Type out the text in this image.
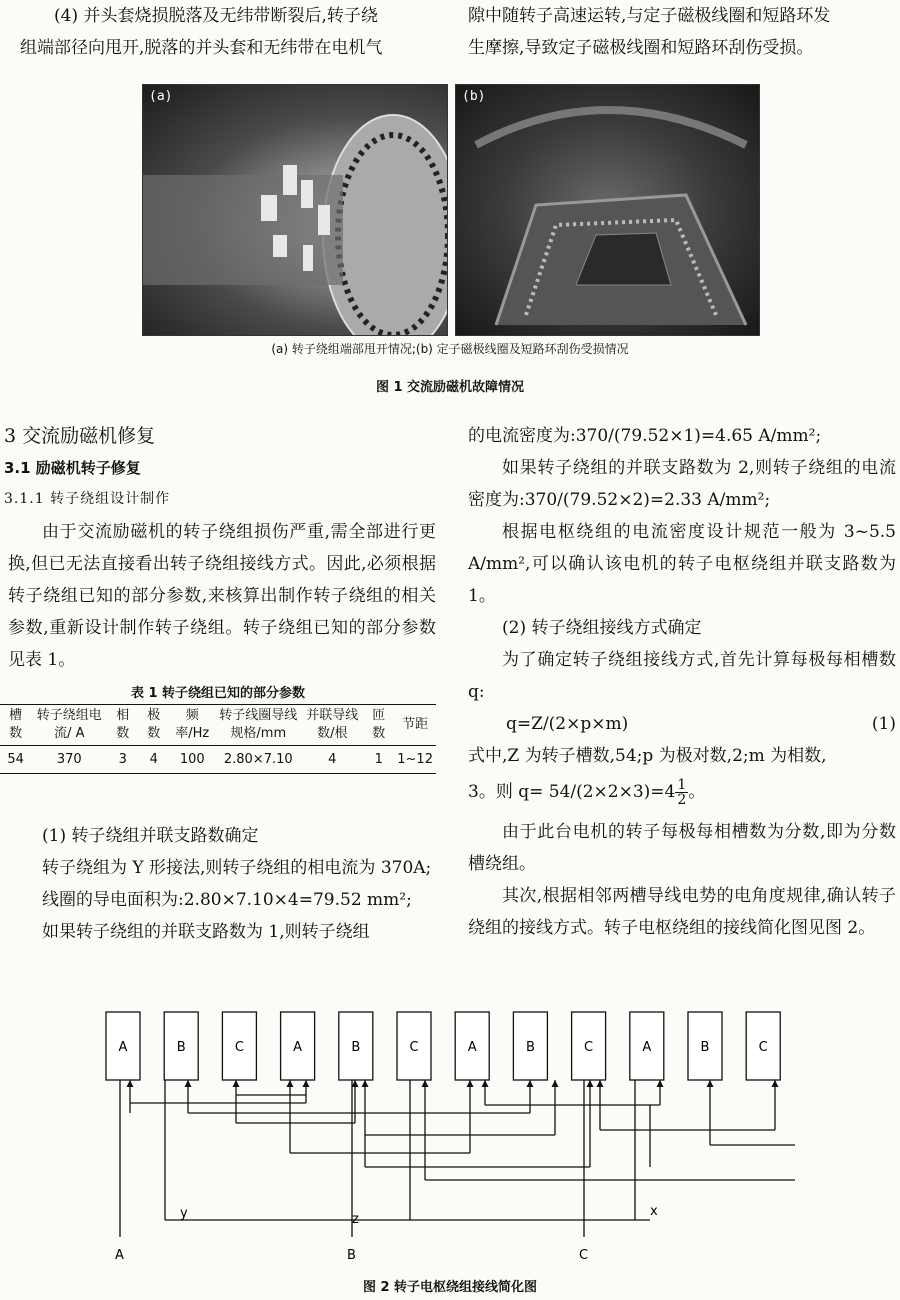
(4) 并头套烧损脱落及无纬带断裂后,转子绕

组端部径向甩开,脱落的并头套和无纬带在电机气

隙中随转子高速运转,与定子磁极线圈和短路环发

生摩擦,导致定子磁极线圈和短路环刮伤受损。

(a)	(b)
(a) 转子绕组端部甩开情况;(b) 定子磁极线圈及短路环刮伤受损情况
图 1 交流励磁机故障情况
3 交流励磁机修复
3.1 励磁机转子修复
3.1.1 转子绕组设计制作

由于交流励磁机的转子绕组损伤严重,需全部进行更换,但已无法直接看出转子绕组接线方式。因此,必须根据转子绕组已知的部分参数,来核算出制作转子绕组的相关参数,重新设计制作转子绕组。转子绕组已知的部分参数见表 1。

表 1 转子绕组已知的部分参数
槽数	转子绕组电流/ A	相数	极数	频率/Hz	转子线圈导线规格/mm	并联导线数/根	匝数	节距
54	370	3	4	100	2.80×7.10	4	1	1~12

(1) 转子绕组并联支路数确定

转子绕组为 Y 形接法,则转子绕组的相电流为 370A;

线圈的导电面积为:2.80×7.10×4=79.52 mm²;

如果转子绕组的并联支路数为 1,则转子绕组

的电流密度为:370/(79.52×1)=4.65 A/mm²;

如果转子绕组的并联支路数为 2,则转子绕组的电流密度为:370/(79.52×2)=2.33 A/mm²;

根据电枢绕组的电流密度设计规范一般为 3~5.5 A/mm²,可以确认该电机的转子电枢绕组并联支路数为 1。

(2) 转子绕组接线方式确定

为了确定转子绕组接线方式,首先计算每极每相槽数 q:

q=Z/(2×p×m)	(1)

式中,Z 为转子槽数,54;p 为极对数,2;m 为相数,

3。则 $q= 54/(2\times 2\times 3)=4 \frac{1}{2}$ 。

由于此台电机的转子每极每相槽数为分数,即为分数槽绕组。

其次,根据相邻两槽导线电势的电角度规律,确认转子绕组的接线方式。转子电枢绕组的接线简化图见图 2。

A	B	C	A	B	C	A	B	C	A	B	C
y	z
x
A	B	C
图 2 转子电枢绕组接线简化图
